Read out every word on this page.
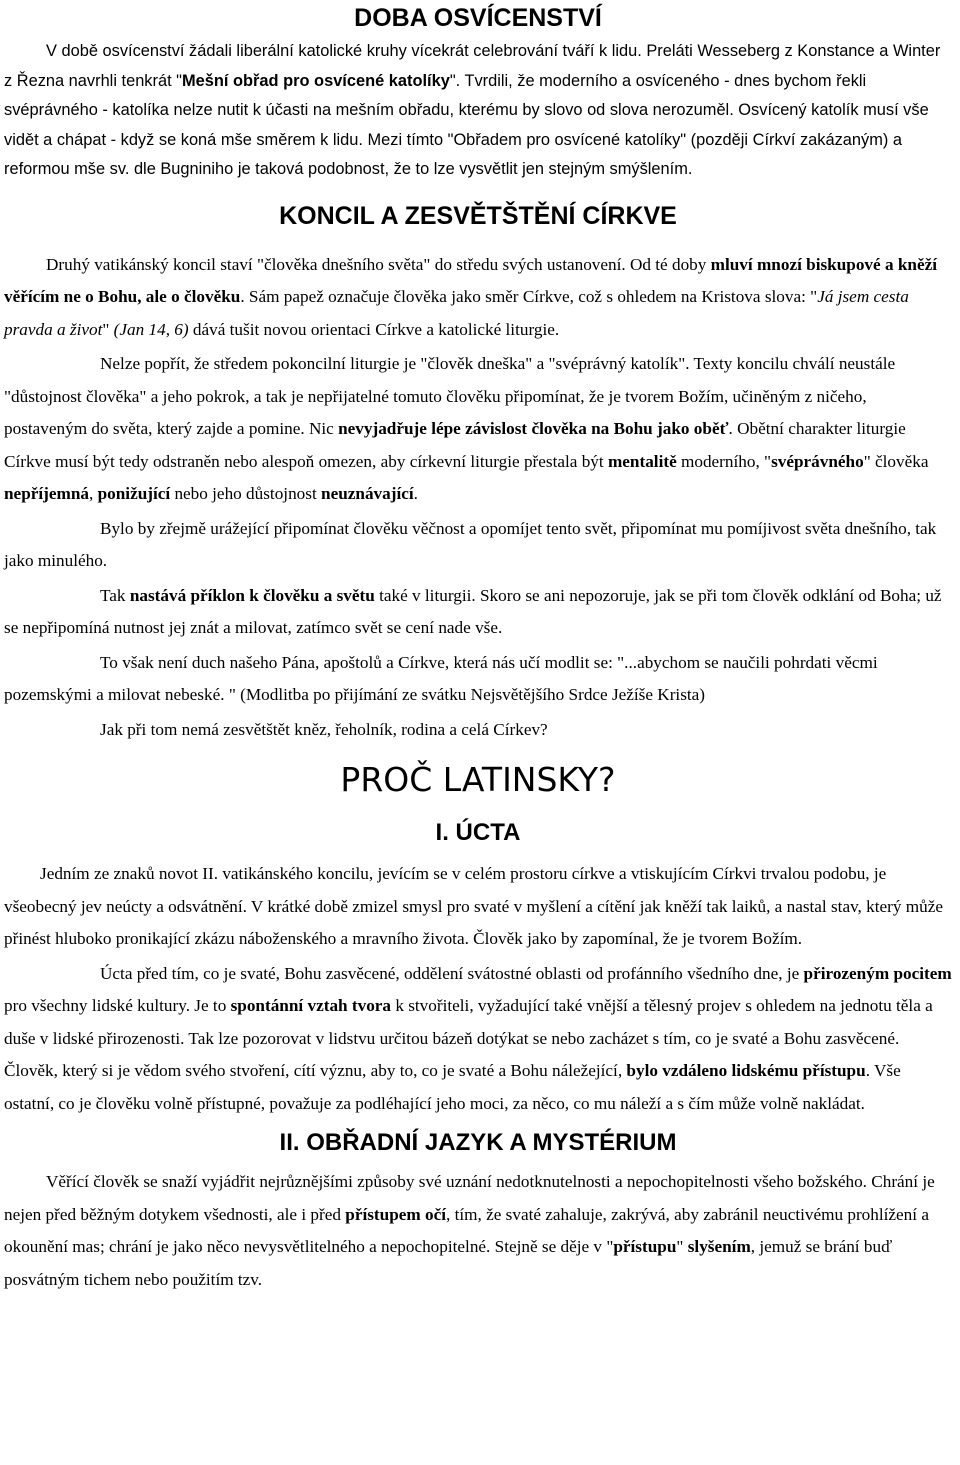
DOBA OSVÍCENSTVÍ

V době osvícenství žádali liberální katolické kruhy vícekrát celebrování tváří k lidu. Preláti Wesseberg z Konstance a Winter z Řezna navrhli tenkrát "Mešní obřad pro osvícené katolíky". Tvrdili, že moderního a osvíceného - dnes bychom řekli svéprávného - katolíka nelze nutit k účasti na mešním obřadu, kterému by slovo od slova nerozuměl. Osvícený katolík musí vše vidět a chápat - když se koná mše směrem k lidu. Mezi tímto "Obřadem pro osvícené katolíky" (později Církví zakázaným) a reformou mše sv. dle Bugniniho je taková podobnost, že to lze vysvětlit jen stejným smýšlením.

KONCIL A ZESVĚTŠTĚNÍ CÍRKVE

Druhý vatikánský koncil staví "člověka dnešního světa" do středu svých ustanovení. Od té doby mluví mnozí biskupové a kněží věřícím ne o Bohu, ale o člověku. Sám papež označuje člověka jako směr Církve, což s ohledem na Kristova slova: "Já jsem cesta pravda a život" (Jan 14, 6) dává tušit novou orientaci Církve a katolické liturgie.

Nelze popřít, že středem pokoncilní liturgie je "člověk dneška" a "svéprávný katolík". Texty koncilu chválí neustále "důstojnost člověka" a jeho pokrok, a tak je nepřijatelné tomuto člověku připomínat, že je tvorem Božím, učiněným z ničeho, postaveným do světa, který zajde a pomine. Nic nevyjadřuje lépe závislost člověka na Bohu jako oběť. Obětní charakter liturgie Církve musí být tedy odstraněn nebo alespoň omezen, aby církevní liturgie přestala být mentalitě moderního, "svéprávného" člověka nepříjemná, ponižující nebo jeho důstojnost neuznávající.

Bylo by zřejmě urážející připomínat člověku věčnost a opomíjet tento svět, připomínat mu pomíjivost světa dnešního, tak jako minulého.

Tak nastává příklon k člověku a světu také v liturgii. Skoro se ani nepozoruje, jak se při tom člověk odklání od Boha; už se nepřipomíná nutnost jej znát a milovat, zatímco svět se cení nade vše.

To však není duch našeho Pána, apoštolů a Církve, která nás učí modlit se: "...abychom se naučili pohrdati věcmi pozemskými a milovat nebeské. " (Modlitba po přijímání ze svátku Nejsvětějšího Srdce Ježíše Krista)

Jak při tom nemá zesvětštět kněz, řeholník, rodina a celá Církev?

PROČ LATINSKY?
I. ÚCTA

Jedním ze znaků novot II. vatikánského koncilu, jevícím se v celém prostoru církve a vtiskujícím Církvi trvalou podobu, je všeobecný jev neúcty a odsvátnění. V krátké době zmizel smysl pro svaté v myšlení a cítění jak kněží tak laiků, a nastal stav, který může přinést hluboko pronikající zkázu náboženského a mravního života. Člověk jako by zapomínal, že je tvorem Božím.

Úcta před tím, co je svaté, Bohu zasvěcené, oddělení svátostné oblasti od profánního všedního dne, je přirozeným pocitem pro všechny lidské kultury. Je to spontánní vztah tvora k stvořiteli, vyžadující také vnější a tělesný projev s ohledem na jednotu těla a duše v lidské přirozenosti. Tak lze pozorovat v lidstvu určitou bázeň dotýkat se nebo zacházet s tím, co je svaté a Bohu zasvěcené. Člověk, který si je vědom svého stvoření, cítí význu, aby to, co je svaté a Bohu náležející, bylo vzdáleno lidskému přístupu. Vše ostatní, co je člověku volně přístupné, považuje za podléhající jeho moci, za něco, co mu náleží a s čím může volně nakládat.

II. OBŘADNÍ JAZYK A MYSTÉRIUM

Věřící člověk se snaží vyjádřit nejrůznějšími způsoby své uznání nedotknutelnosti a nepochopitelnosti všeho božského. Chrání je nejen před běžným dotykem všednosti, ale i před přístupem očí, tím, že svaté zahaluje, zakrývá, aby zabránil neuctivému prohlížení a okounění mas; chrání je jako něco nevysvětlitelného a nepochopitelné. Stejně se děje v "přístupu" slyšením, jemuž se brání buď posvátným tichem nebo použitím tzv.
